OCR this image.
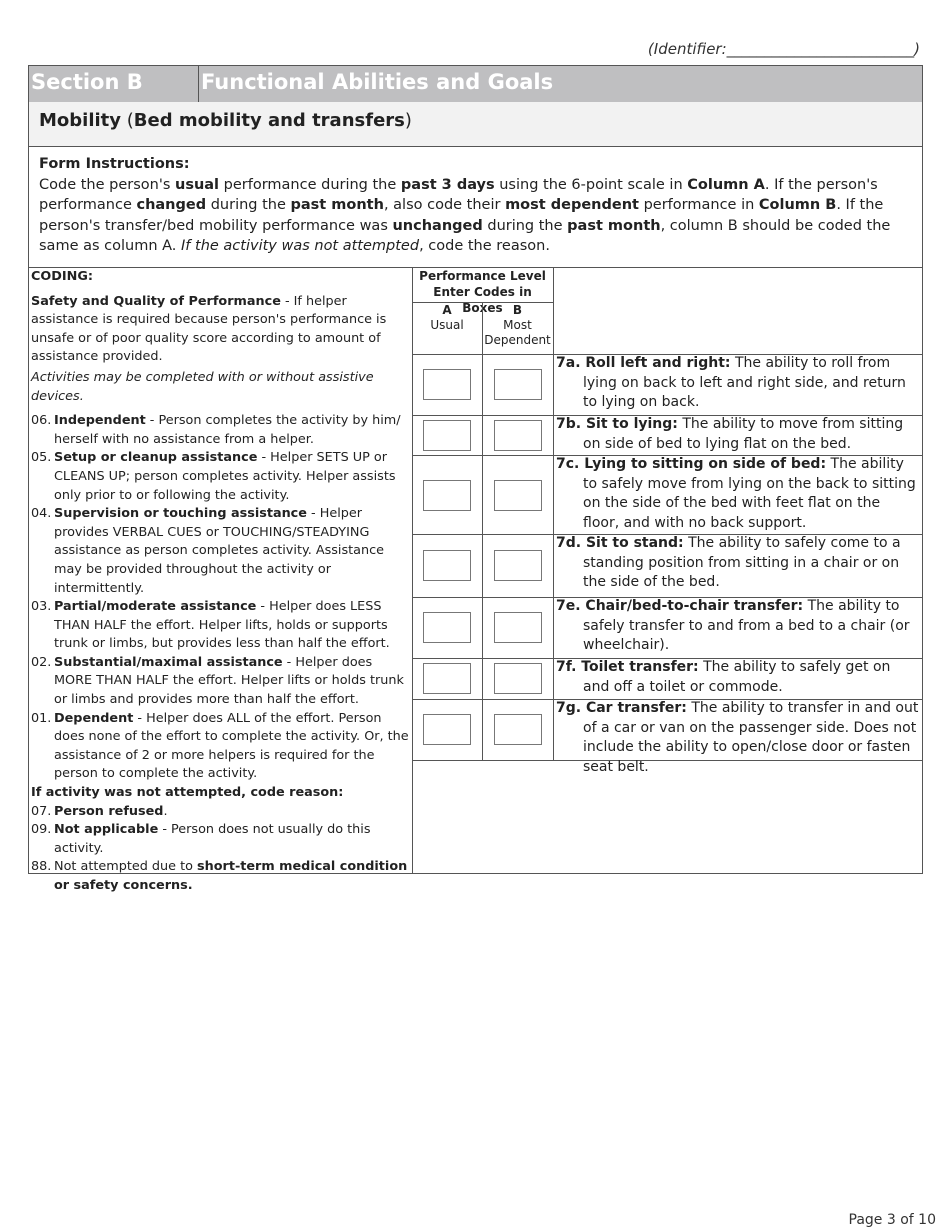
(Identifier:_________________________)
Section B	Functional Abilities and Goals
Mobility (Bed mobility and transfers)
Form Instructions:
Code the person's usual performance during the past 3 days using the 6-point scale in Column A. If the person's performance changed during the past month, also code their most dependent performance in Column B. If the person's transfer/bed mobility performance was unchanged during the past month, column B should be coded the same as column A. If the activity was not attempted, code the reason.

CODING:

Safety and Quality of Performance - If helper assistance is required because person's performance is unsafe or of poor quality score according to amount of assistance provided.

Activities may be completed with or without assistive devices.

06. Independent - Person completes the activity by him/ herself with no assistance from a helper.
05. Setup or cleanup assistance - Helper SETS UP or CLEANS UP; person completes activity. Helper assists only prior to or following the activity.
04. Supervision or touching assistance - Helper provides VERBAL CUES or TOUCHING/STEADYING assistance as person completes activity. Assistance may be provided throughout the activity or intermittently.
03. Partial/moderate assistance - Helper does LESS THAN HALF the effort. Helper lifts, holds or supports trunk or limbs, but provides less than half the effort.
02. Substantial/maximal assistance - Helper does MORE THAN HALF the effort. Helper lifts or holds trunk or limbs and provides more than half the effort.
01. Dependent - Helper does ALL of the effort. Person does none of the effort to complete the activity. Or, the assistance of 2 or more helpers is required for the person to complete the activity.

If activity was not attempted, code reason:

07. Person refused.
09. Not applicable - Person does not usually do this activity.
88. Not attempted due to short-term medical condition or safety concerns.
Performance Level
Enter Codes in Boxes
A
Usual
B
Most
Dependent
7a. Roll left and right: The ability to roll from lying on back to left and right side, and return to lying on back.
7b. Sit to lying: The ability to move from sitting on side of bed to lying flat on the bed.
7c. Lying to sitting on side of bed: The ability to safely move from lying on the back to sitting on the side of the bed with feet flat on the floor, and with no back support.
7d. Sit to stand: The ability to safely come to a standing position from sitting in a chair or on the side of the bed.
7e. Chair/bed-to-chair transfer: The ability to safely transfer to and from a bed to a chair (or wheelchair).
7f. Toilet transfer: The ability to safely get on and off a toilet or commode.
7g. Car transfer: The ability to transfer in and out of a car or van on the passenger side. Does not include the ability to open/close door or fasten seat belt.
Page 3 of 10
